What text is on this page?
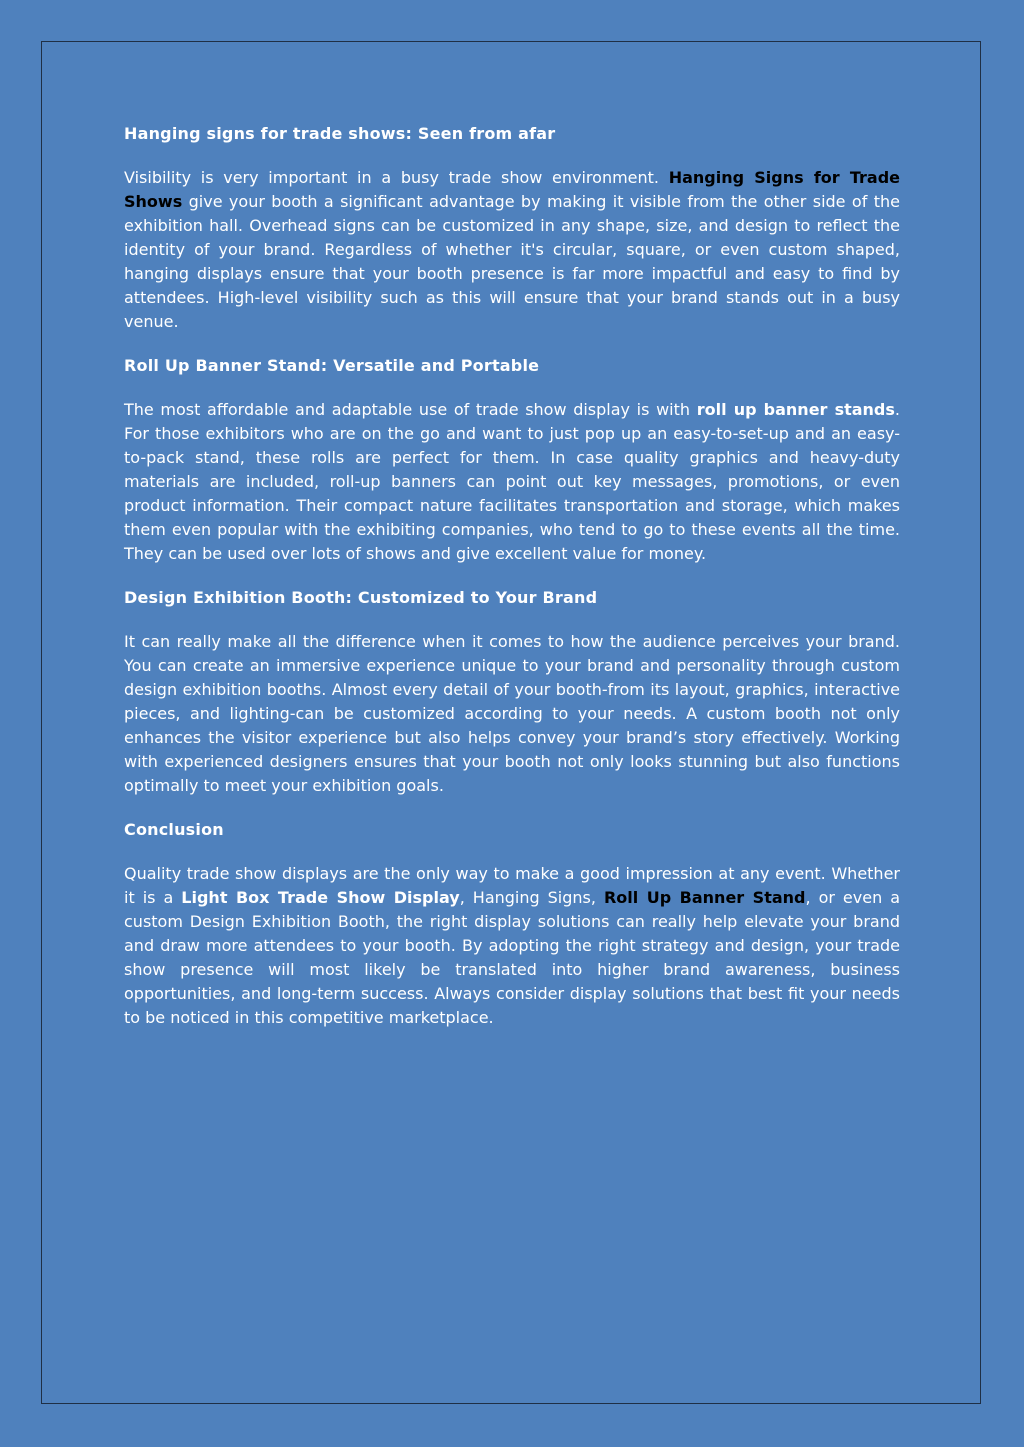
Hanging signs for trade shows: Seen from afar

Visibility is very important in a busy trade show environment. Hanging Signs for Trade Shows give your booth a significant advantage by making it visible from the other side of the exhibition hall. Overhead signs can be customized in any shape, size, and design to reflect the identity of your brand. Regardless of whether it's circular, square, or even custom shaped, hanging displays ensure that your booth presence is far more impactful and easy to find by attendees. High-level visibility such as this will ensure that your brand stands out in a busy venue.

Roll Up Banner Stand: Versatile and Portable

The most affordable and adaptable use of trade show display is with roll up banner stands. For those exhibitors who are on the go and want to just pop up an easy-to-set-up and an easy-to-pack stand, these rolls are perfect for them. In case quality graphics and heavy-duty materials are included, roll-up banners can point out key messages, promotions, or even product information. Their compact nature facilitates transportation and storage, which makes them even popular with the exhibiting companies, who tend to go to these events all the time. They can be used over lots of shows and give excellent value for money.

Design Exhibition Booth: Customized to Your Brand

It can really make all the difference when it comes to how the audience perceives your brand. You can create an immersive experience unique to your brand and personality through custom design exhibition booths. Almost every detail of your booth-from its layout, graphics, interactive pieces, and lighting-can be customized according to your needs. A custom booth not only enhances the visitor experience but also helps convey your brand’s story effectively. Working with experienced designers ensures that your booth not only looks stunning but also functions optimally to meet your exhibition goals.

Conclusion

Quality trade show displays are the only way to make a good impression at any event. Whether it is a Light Box Trade Show Display, Hanging Signs, Roll Up Banner Stand, or even a custom Design Exhibition Booth, the right display solutions can really help elevate your brand and draw more attendees to your booth. By adopting the right strategy and design, your trade show presence will most likely be translated into higher brand awareness, business opportunities, and long-term success. Always consider display solutions that best fit your needs to be noticed in this competitive marketplace.
